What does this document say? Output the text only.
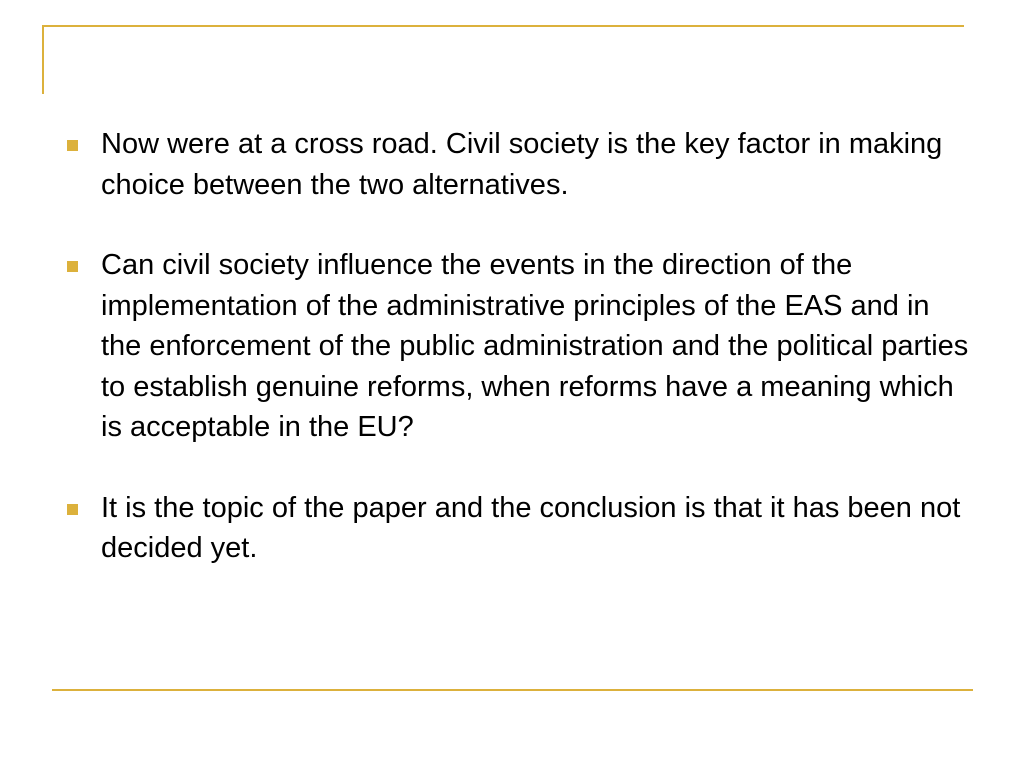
Now were at a cross road. Civil society is the key factor in making choice between the two alternatives.
Can civil society influence the events in the direction of the implementation of the administrative principles of the EAS and in the enforcement of the public administration and the political parties to establish genuine reforms, when reforms have a meaning which is acceptable in the EU?
It is the topic of the paper and the conclusion is that it has been not decided yet.
